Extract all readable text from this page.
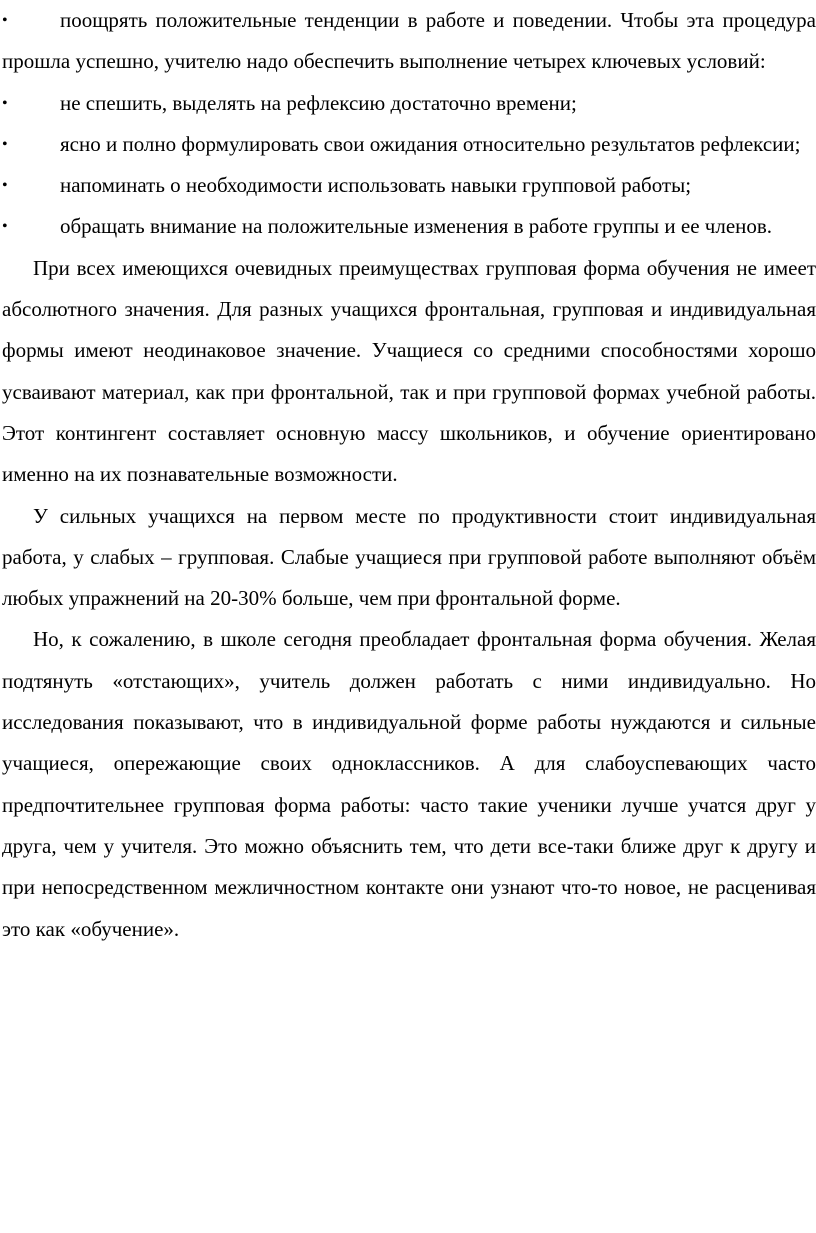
• поощрять положительные тенденции в работе и поведении. Чтобы эта процедура прошла успешно, учителю надо обеспечить выполнение четырех ключевых условий:
• не спешить, выделять на рефлексию достаточно времени;
• ясно и полно формулировать свои ожидания относительно результатов рефлексии;
• напоминать о необходимости использовать навыки групповой работы;
• обращать внимание на положительные изменения в работе группы и ее членов.

При всех имеющихся очевидных преимуществах групповая форма обучения не имеет абсолютного значения. Для разных учащихся фронтальная, групповая и индивидуальная формы имеют неодинаковое значение. Учащиеся со средними способностями хорошо усваивают материал, как при фронтальной, так и при групповой формах учебной работы. Этот контингент составляет основную массу школьников, и обучение ориентировано именно на их познавательные возможности.

У сильных учащихся на первом месте по продуктивности стоит индивидуальная работа, у слабых – групповая. Слабые учащиеся при групповой работе выполняют объём любых упражнений на 20-30% больше, чем при фронтальной форме.

Но, к сожалению, в школе сегодня преобладает фронтальная форма обучения. Желая подтянуть «отстающих», учитель должен работать с ними индивидуально. Но исследования показывают, что в индивидуальной форме работы нуждаются и сильные учащиеся, опережающие своих одноклассников. А для слабоуспевающих часто предпочтительнее групповая форма работы: часто такие ученики лучше учатся друг у друга, чем у учителя. Это можно объяснить тем, что дети все-таки ближе друг к другу и при непосредственном межличностном контакте они узнают что-то новое, не расценивая это как «обучение».
